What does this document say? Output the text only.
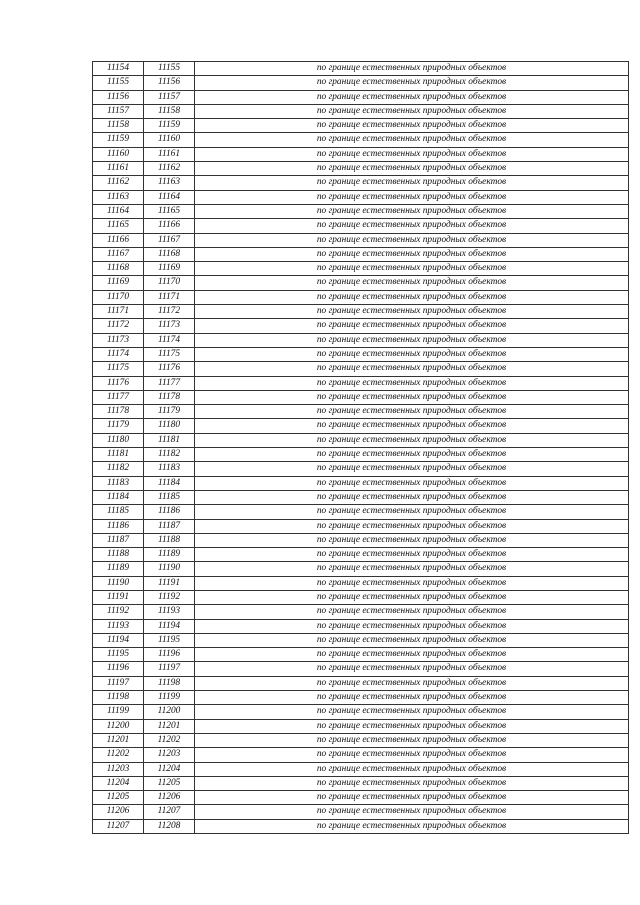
11154	11155	по границе естественных природных объектов
11155	11156	по границе естественных природных объектов
11156	11157	по границе естественных природных объектов
11157	11158	по границе естественных природных объектов
11158	11159	по границе естественных природных объектов
11159	11160	по границе естественных природных объектов
11160	11161	по границе естественных природных объектов
11161	11162	по границе естественных природных объектов
11162	11163	по границе естественных природных объектов
11163	11164	по границе естественных природных объектов
11164	11165	по границе естественных природных объектов
11165	11166	по границе естественных природных объектов
11166	11167	по границе естественных природных объектов
11167	11168	по границе естественных природных объектов
11168	11169	по границе естественных природных объектов
11169	11170	по границе естественных природных объектов
11170	11171	по границе естественных природных объектов
11171	11172	по границе естественных природных объектов
11172	11173	по границе естественных природных объектов
11173	11174	по границе естественных природных объектов
11174	11175	по границе естественных природных объектов
11175	11176	по границе естественных природных объектов
11176	11177	по границе естественных природных объектов
11177	11178	по границе естественных природных объектов
11178	11179	по границе естественных природных объектов
11179	11180	по границе естественных природных объектов
11180	11181	по границе естественных природных объектов
11181	11182	по границе естественных природных объектов
11182	11183	по границе естественных природных объектов
11183	11184	по границе естественных природных объектов
11184	11185	по границе естественных природных объектов
11185	11186	по границе естественных природных объектов
11186	11187	по границе естественных природных объектов
11187	11188	по границе естественных природных объектов
11188	11189	по границе естественных природных объектов
11189	11190	по границе естественных природных объектов
11190	11191	по границе естественных природных объектов
11191	11192	по границе естественных природных объектов
11192	11193	по границе естественных природных объектов
11193	11194	по границе естественных природных объектов
11194	11195	по границе естественных природных объектов
11195	11196	по границе естественных природных объектов
11196	11197	по границе естественных природных объектов
11197	11198	по границе естественных природных объектов
11198	11199	по границе естественных природных объектов
11199	11200	по границе естественных природных объектов
11200	11201	по границе естественных природных объектов
11201	11202	по границе естественных природных объектов
11202	11203	по границе естественных природных объектов
11203	11204	по границе естественных природных объектов
11204	11205	по границе естественных природных объектов
11205	11206	по границе естественных природных объектов
11206	11207	по границе естественных природных объектов
11207	11208	по границе естественных природных объектов
